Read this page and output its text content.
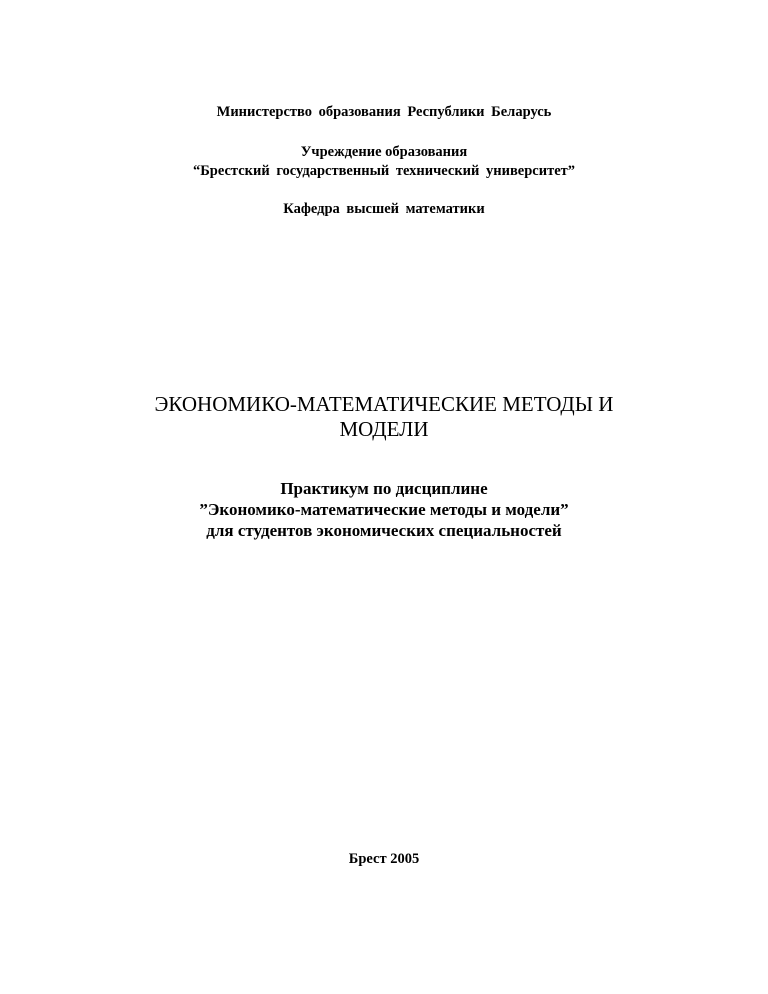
Министерство образования Республики Беларусь
Учреждение образования
“Брестский государственный технический университет”
Кафедра высшей математики
ЭКОНОМИКО-МАТЕМАТИЧЕСКИЕ МЕТОДЫ И
МОДЕЛИ
Практикум по дисциплине
”Экономико-математические методы и модели”
для студентов экономических специальностей
Брест 2005
